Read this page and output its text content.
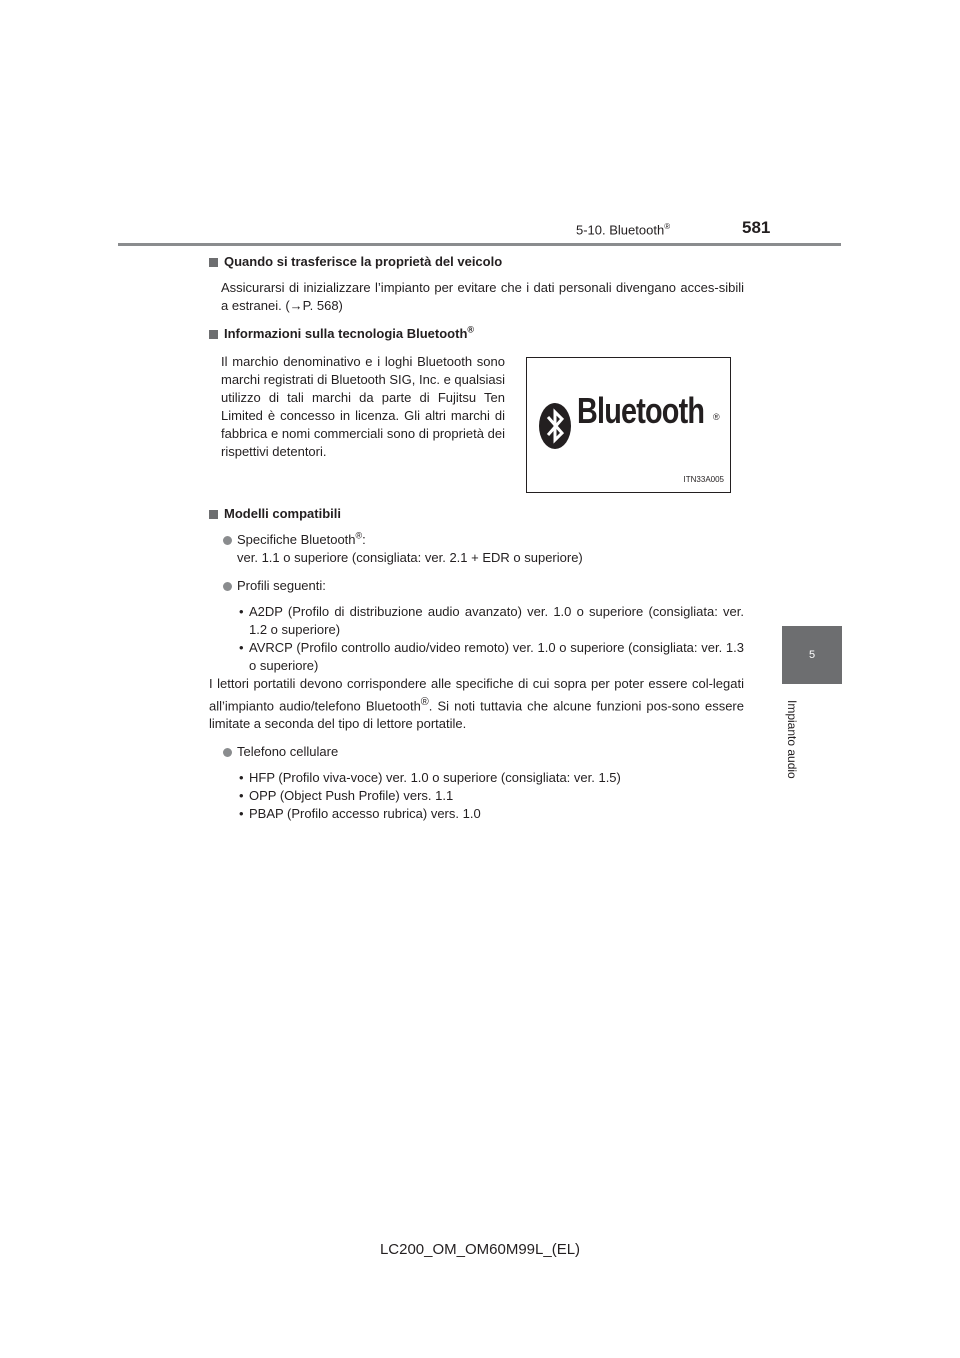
5-10. Bluetooth®	581
5
Impianto audio
Quando si trasferisce la proprietà del veicolo
Assicurarsi di inizializzare l’impianto per evitare che i dati personali divengano acces-sibili a estranei. (→P. 568)
Informazioni sulla tecnologia Bluetooth®
Il marchio denominativo e i loghi Bluetooth sono marchi registrati di Bluetooth SIG, Inc. e qualsiasi utilizzo di tali marchi da parte di Fujitsu Ten Limited è concesso in licenza. Gli altri marchi di fabbrica e nomi commerciali sono di proprietà dei rispettivi detentori.
Bluetooth ®
ITN33A005
Modelli compatibili
Specifiche Bluetooth®:
ver. 1.1 o superiore (consigliata: ver. 2.1 + EDR o superiore)
Profili seguenti:
• A2DP (Profilo di distribuzione audio avanzato) ver. 1.0 o superiore (consigliata: ver. 1.2 o superiore)
• AVRCP (Profilo controllo audio/video remoto) ver. 1.0 o superiore (consigliata: ver. 1.3 o superiore)
I lettori portatili devono corrispondere alle specifiche di cui sopra per poter essere col-legati all’impianto audio/telefono Bluetooth®. Si noti tuttavia che alcune funzioni pos-sono essere limitate a seconda del tipo di lettore portatile.
Telefono cellulare
• HFP (Profilo viva-voce) ver. 1.0 o superiore (consigliata: ver. 1.5)
• OPP (Object Push Profile) vers. 1.1
• PBAP (Profilo accesso rubrica) vers. 1.0
LC200_OM_OM60M99L_(EL)
